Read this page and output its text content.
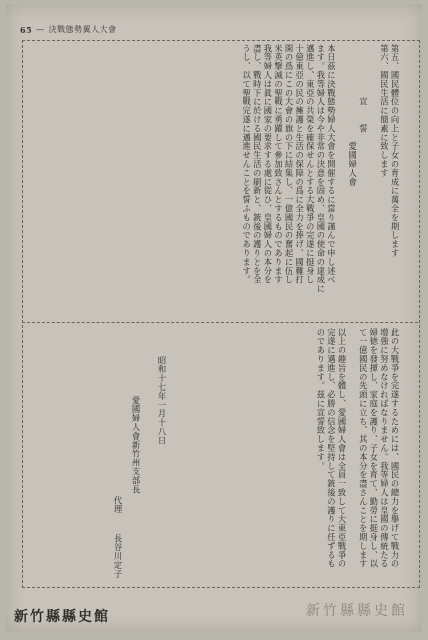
65 — 決戰態勢翼人大會
第五、國民體位の向上と子女の育成に萬全を期します
第六、國民生活に簡素に致します

　　　　　　宣　　誓
　　　　　　　　　　　愛國婦人會

本日茲に決戰態勢婦人大會を開催するに當り謹んで申し述べ
ます。我等婦人は今や非常の決意を固め、皇國の使命の達成に
邁進し、東亞の共榮を確保せんとする大戰爭の完遂に挺身し
十億東亞の民の擁護と生活の保障の爲に全力を捧げ、國難打
開の爲にこの大會の旗の下に結集し、一億國民の奮起に伍し
米英撃滅の聖戰に勇躍して參加致さんとするものであります
我等婦人は眞に國家の要求する處に從ひ、皇國婦人の本分を
盡し、戰時下に於ける國民生活の刷新と、銃後の護りとを全
うし、以て聖戰完遂に邁進せんことを誓ふものであります。
此の大戰爭を完遂するためには、國民の總力を擧げて戰力の
增強に努めなければなりません。我等婦人は皇國の傳統たる
婦徳を發揮し、家庭を護り、子女を育て、勤勞に挺身し、以
て一億國民の先頭に立ち、其の本分を盡さんことを期します

以上の趣旨を體し、愛國婦人會は全員一致して大東亞戰爭の
完遂に邁進し、必勝の信念を堅持して銃後の護りに任ずるも
のであります。茲に宣誓致します。
昭和十七年一月十八日
愛國婦人會新竹州支部長
代理
長谷川定子
新竹縣縣史館	新竹縣縣史館
